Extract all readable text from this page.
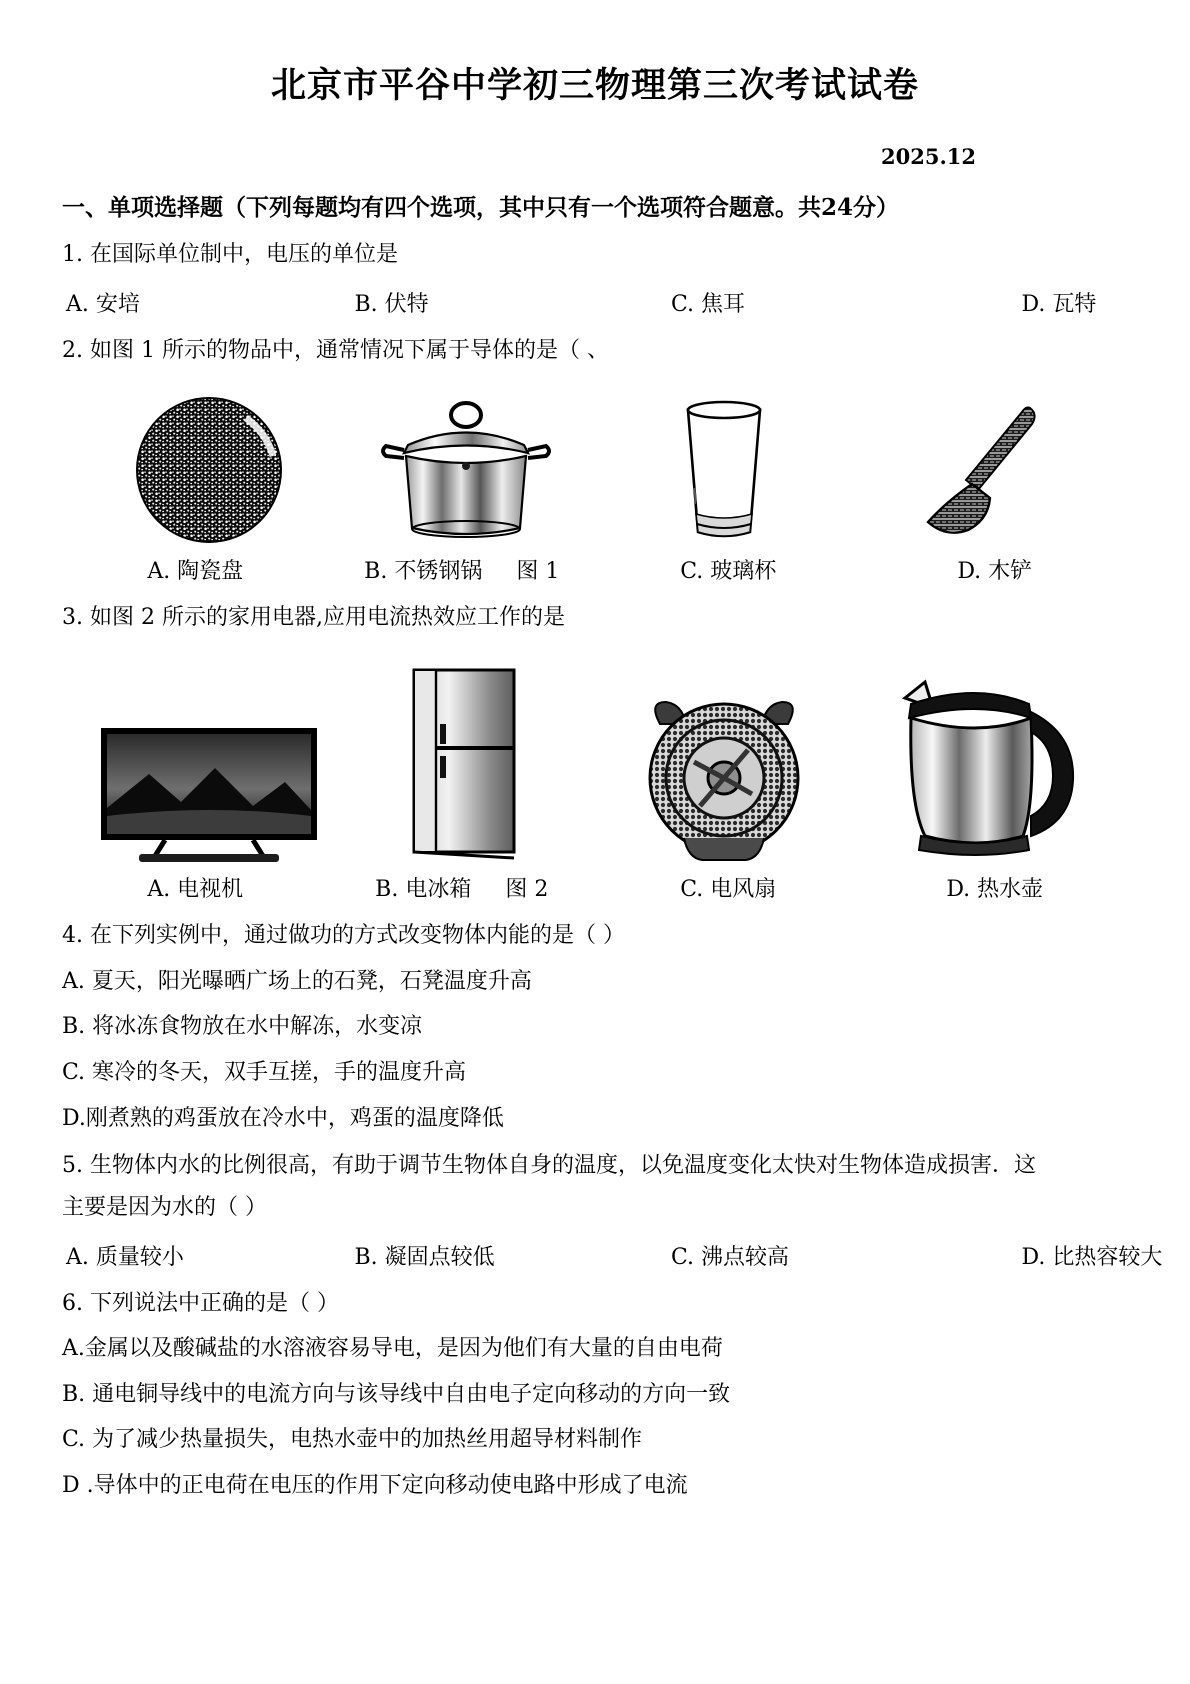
北京市平谷中学初三物理第三次考试试卷
2025.12
一、单项选择题（下列每题均有四个选项，其中只有一个选项符合题意。共24分）
1. 在国际单位制中，电压的单位是
A. 安培	B. 伏特	C. 焦耳	D. 瓦特
2. 如图 1 所示的物品中，通常情况下属于导体的是（ 、
A. 陶瓷盘	B. 不锈钢锅 图 1	C. 玻璃杯	D. 木铲
3. 如图 2 所示的家用电器,应用电流热效应工作的是
A. 电视机	B. 电冰箱 图 2	C. 电风扇	D. 热水壶
4. 在下列实例中，通过做功的方式改变物体内能的是（ ）
A. 夏天，阳光曝晒广场上的石凳，石凳温度升高
B. 将冰冻食物放在水中解冻，水变凉
C. 寒冷的冬天，双手互搓，手的温度升高
D.刚煮熟的鸡蛋放在冷水中，鸡蛋的温度降低
5. 生物体内水的比例很高，有助于调节生物体自身的温度，以免温度变化太快对生物体造成损害．这
主要是因为水的（ ）
A. 质量较小	B. 凝固点较低	C. 沸点较高	D. 比热容较大
6. 下列说法中正确的是（ ）
A.金属以及酸碱盐的水溶液容易导电，是因为他们有大量的自由电荷
B. 通电铜导线中的电流方向与该导线中自由电子定向移动的方向一致
C. 为了减少热量损失，电热水壶中的加热丝用超导材料制作
D .导体中的正电荷在电压的作用下定向移动使电路中形成了电流
